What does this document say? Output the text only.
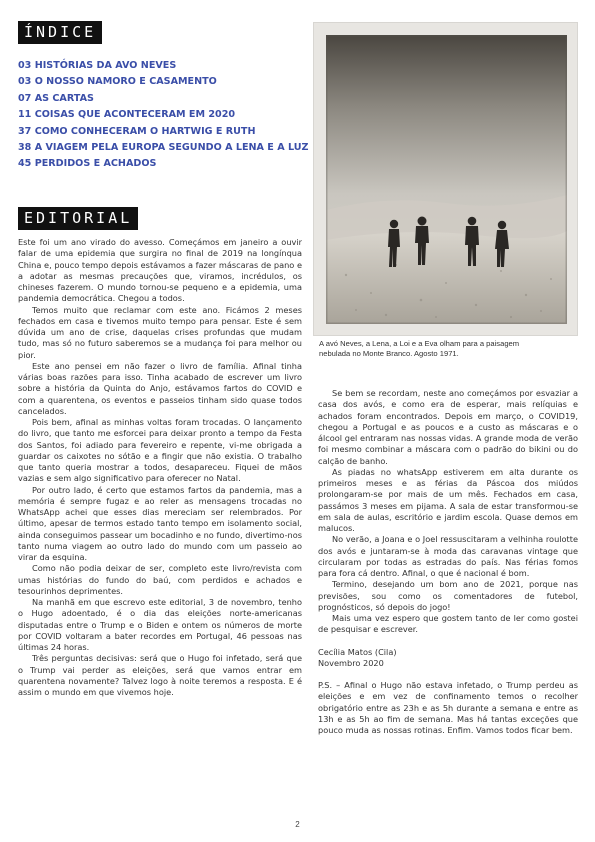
ÍNDICE
03 HISTÓRIAS DA AVO NEVES
03 O NOSSO NAMORO E CASAMENTO
07 AS CARTAS
11 COISAS QUE ACONTECERAM EM 2020
37 COMO CONHECERAM O HARTWIG E RUTH
38 A VIAGEM PELA EUROPA SEGUNDO A LENA E A LUZ
45 PERDIDOS E ACHADOS
A avó Neves, a Lena, a Loi e a Eva olham para a paisagem
nebulada no Monte Branco. Agosto 1971.
EDITORIAL

Este foi um ano virado do avesso. Começámos em janeiro a ouvir falar de uma epidemia que surgira no final de 2019 na longínqua China e, pouco tempo depois estávamos a fazer máscaras de pano e a adotar as mesmas precauções que, viramos, incrédulos, os chineses fazerem. O mundo tornou-se pequeno e a epidemia, uma pandemia democrática. Chegou a todos.

Temos muito que reclamar com este ano. Ficámos 2 meses fechados em casa e tivemos muito tempo para pensar. Este é sem dúvida um ano de crise, daquelas crises profundas que mudam tudo, mas só no futuro saberemos se a mudança foi para melhor ou pior.

Este ano pensei em não fazer o livro de família. Afinal tinha várias boas razões para isso. Tinha acabado de escrever um livro sobre a história da Quinta do Anjo, estávamos fartos do COVID e com a quarentena, os eventos e passeios tinham sido quase todos cancelados.

Pois bem, afinal as minhas voltas foram trocadas. O lançamento do livro, que tanto me esforcei para deixar pronto a tempo da Festa dos Santos, foi adiado para fevereiro e repente, vi-me obrigada a guardar os caixotes no sótão e a fingir que não existia. O trabalho que tanto queria mostrar a todos, desapareceu. Fiquei de mãos vazias e sem algo significativo para oferecer no Natal.

Por outro lado, é certo que estamos fartos da pandemia, mas a memória é sempre fugaz e ao reler as mensagens trocadas no WhatsApp achei que esses dias mereciam ser relembrados. Por último, apesar de termos estado tanto tempo em isolamento social, ainda conseguimos passear um bocadinho e no fundo, divertimo-nos tanto numa viagem ao outro lado do mundo com um passeio ao virar da esquina.

Como não podia deixar de ser, completo este livro/revista com umas histórias do fundo do baú, com perdidos e achados e tesourinhos deprimentes.

Na manhã em que escrevo este editorial, 3 de novembro, tenho o Hugo adoentado, é o dia das eleições norte-americanas disputadas entre o Trump e o Biden e ontem os números de morte por COVID voltaram a bater recordes em Portugal, 46 pessoas nas últimas 24 horas.

Três perguntas decisivas: será que o Hugo foi infetado, será que o Trump vai perder as eleições, será que vamos entrar em quarentena novamente? Talvez logo à noite teremos a resposta. E é assim o mundo em que vivemos hoje.

Se bem se recordam, neste ano começámos por esvaziar a casa dos avós, e como era de esperar, mais relíquias e achados foram encontrados. Depois em março, o COVID19, chegou a Portugal e as poucos e a custo as máscaras e o álcool gel entraram nas nossas vidas. A grande moda de verão foi mesmo combinar a máscara com o padrão do bikini ou do calção de banho.

As piadas no whatsApp estiverem em alta durante os primeiros meses e as férias da Páscoa dos miúdos prolongaram-se por mais de um mês. Fechados em casa, passámos 3 meses em pijama. A sala de estar transformou-se em sala de aulas, escritório e jardim escola. Quase demos em malucos.

No verão, a Joana e o Joel ressuscitaram a velhinha roulotte dos avós e juntaram-se à moda das caravanas vintage que circularam por todas as estradas do país. Nas férias fomos para fora cá dentro. Afinal, o que é nacional é bom.

Termino, desejando um bom ano de 2021, porque nas previsões, sou como os comentadores de futebol, prognósticos, só depois do jogo!

Mais uma vez espero que gostem tanto de ler como gostei de pesquisar e escrever.

Cecília Matos (Cila)

Novembro 2020

P.S. – Afinal o Hugo não estava infetado, o Trump perdeu as eleições e em vez de confinamento temos o recolher obrigatório entre as 23h e as 5h durante a semana e entre as 13h e as 5h ao fim de semana. Mas há tantas exceções que pouco muda as nossas rotinas. Enfim. Vamos todos ficar bem.

2
